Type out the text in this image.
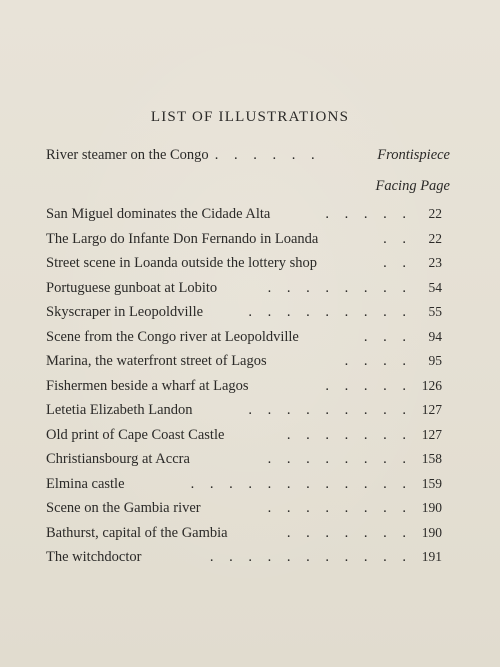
LIST OF ILLUSTRATIONS
River steamer on the Congo . . . . . .	Frontispiece
Facing Page
San Miguel dominates the Cidade Alta	. . . . .	22
The Largo do Infante Don Fernando in Loanda	. .	22
Street scene in Loanda outside the lottery shop	. .	23
Portuguese gunboat at Lobito	. . . . . . . .	54
Skyscraper in Leopoldville	. . . . . . . . .	55
Scene from the Congo river at Leopoldville	. . .	94
Marina, the waterfront street of Lagos	. . . .	95
Fishermen beside a wharf at Lagos	. . . . . 126
Letetia Elizabeth Landon	. . . . . . . . . 127
Old print of Cape Coast Castle	. . . . . . . 127
Christiansbourg at Accra	. . . . . . . . 158
Elmina castle	. . . . . . . . . . . . 159
Scene on the Gambia river	. . . . . . . . 190
Bathurst, capital of the Gambia	. . . . . . . 190
The witchdoctor	. . . . . . . . . . . 191
